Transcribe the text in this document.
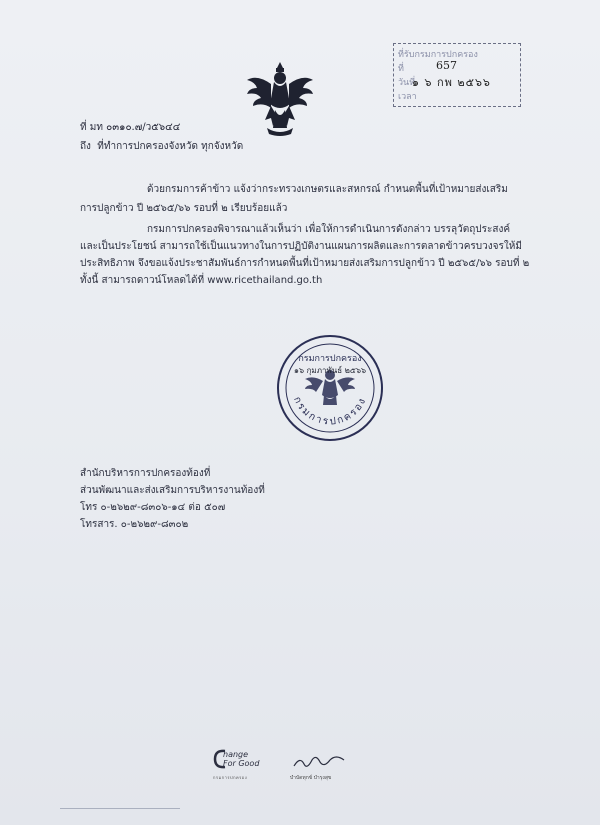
ที่รับกรมการปกครอง
ที่	657
วันที่
๑ ๖ กพ ๒๕๖๖
เวลา
ที่ มท ๐๓๑๐.๗/ว๕๖๔๔
ถึง ที่ทำการปกครองจังหวัด ทุกจังหวัด
ด้วยกรมการค้าข้าว แจ้งว่ากระทรวงเกษตรและสหกรณ์ กำหนดพื้นที่เป้าหมายส่งเสริม
การปลูกข้าว ปี ๒๕๖๕/๖๖ รอบที่ ๒ เรียบร้อยแล้ว
กรมการปกครองพิจารณาแล้วเห็นว่า เพื่อให้การดำเนินการดังกล่าว บรรลุวัตถุประสงค์
และเป็นประโยชน์ สามารถใช้เป็นแนวทางในการปฏิบัติงานแผนการผลิตและการตลาดข้าวครบวงจรให้มี
ประสิทธิภาพ จึงขอแจ้งประชาสัมพันธ์การกำหนดพื้นที่เป้าหมายส่งเสริมการปลูกข้าว ปี ๒๕๖๕/๖๖ รอบที่ ๒
ทั้งนี้ สามารถดาวน์โหลดได้ที่ www.ricethailand.go.th
กรมการปกครอง
๑๖ กุมภาพันธ์ ๒๕๖๖
กรมการปกครอง
สำนักบริหารการปกครองท้องที่
ส่วนพัฒนาและส่งเสริมการบริหารงานท้องที่
โทร ๐-๒๖๒๙-๘๓๐๖-๑๔ ต่อ ๕๐๗
โทรสาร. ๐-๒๖๒๙-๘๓๐๒
hange
For Good
กรมการปกครอง	บำบัดทุกข์ บำรุงสุข
